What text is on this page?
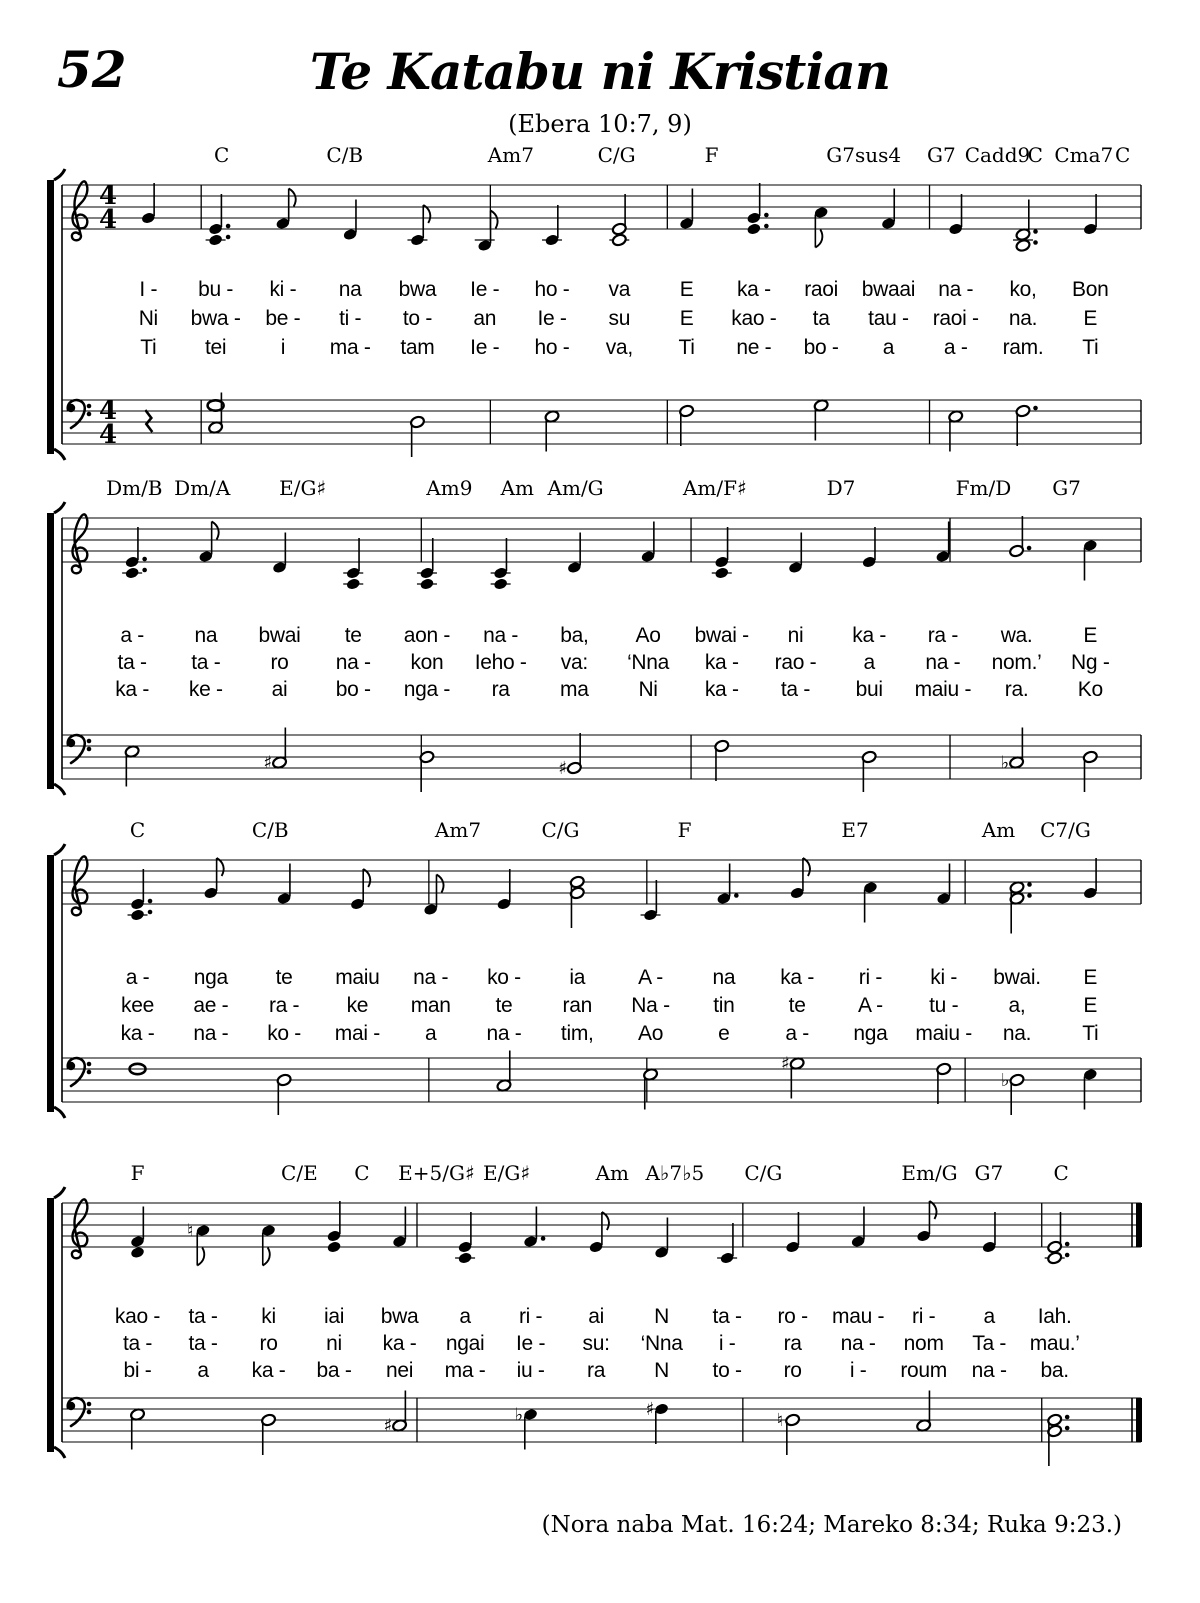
52	Te Katabu ni Kristian
(Ebera 10:7, 9)
4
4
4
4
C	C/B	Am7	C/G	F	G7sus4 G7 Cadd9
C Cma7 C
I - bu - ki - na bwa Ie - ho - va E ka - raoi bwaai na - ko, Bon
Ni bwa - be - ti - to - an Ie - su E kao - ta tau - raoi - na. E
Ti tei	i ma - tam Ie - ho - va, Ti ne - bo - a a - ram. Ti
♯	♯	♭
Dm/B Dm/A E/G♯	Am9 Am Am/G	Am/F♯	D7	Fm/D G7
a - na bwai te aon - na - ba, Ao bwai - ni ka - ra - wa. E
ta - ta - ro na - kon Ieho - va: ‘Nna ka - rao - a na - nom.’ Ng -
ka - ke - ai bo - nga - ra ma Ni ka - ta - bui maiu - ra. Ko
♯
♭
C	C/B	Am7	C/G	F	E7	Am C7/G
a - nga te maiu na - ko - ia	A - na ka - ri - ki - bwai. E
kee ae - ra - ke man te ran Na - tin	te A - tu - a,	E
ka - na - ko - mai - a na - tim, Ao	e	a - nga maiu - na. Ti
♮
♯
♭	♯
♮
F	C/E C E+5/G♯ E/G♯	Am A♭7♭5 C/G	Em/G G7	C
kao - ta - ki iai bwa a ri - ai N ta - ro - mau - ri - a Iah.
ta - ta - ro ni ka - ngai Ie - su: ‘Nna i - ra na - nom Ta - mau.’
bi - a ka - ba - nei ma - iu - ra N to - ro i - roum na - ba.
(Nora naba Mat. 16:24; Mareko 8:34; Ruka 9:23.)
